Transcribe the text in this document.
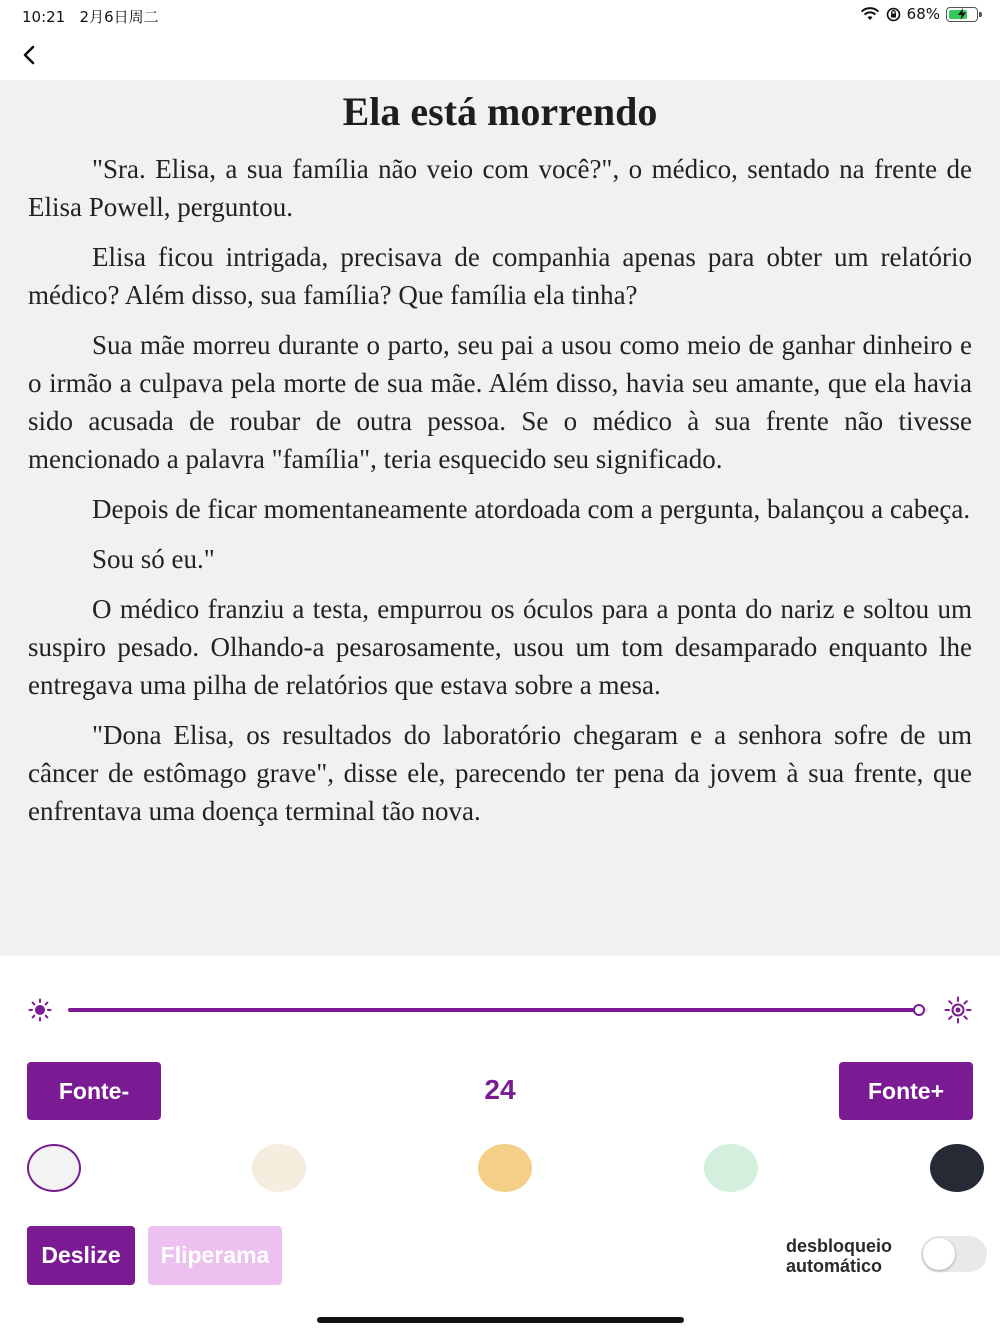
10:21 2月6日周二	68%
Ela está morrendo

"Sra. Elisa, a sua família não veio com você?", o médico, sentado na frente de Elisa Powell, perguntou.

Elisa ficou intrigada, precisava de companhia apenas para obter um relatório médico? Além disso, sua família? Que família ela tinha?

Sua mãe morreu durante o parto, seu pai a usou como meio de ganhar dinheiro e o irmão a culpava pela morte de sua mãe. Além disso, havia seu amante, que ela havia sido acusada de roubar de outra pessoa. Se o médico à sua frente não tivesse mencionado a palavra "família", teria esquecido seu significado.

Depois de ficar momentaneamente atordoada com a pergunta, balançou a cabeça.

Sou só eu."

O médico franziu a testa, empurrou os óculos para a ponta do nariz e soltou um suspiro pesado. Olhando-a pesarosamente, usou um tom desamparado enquanto lhe entregava uma pilha de relatórios que estava sobre a mesa.

"Dona Elisa, os resultados do laboratório chegaram e a senhora sofre de um câncer de estômago grave", disse ele, parecendo ter pena da jovem à sua frente, que enfrentava uma doença terminal tão nova.

Fonte-	24	Fonte+
Deslize	Fliperama	desbloqueio
automático
